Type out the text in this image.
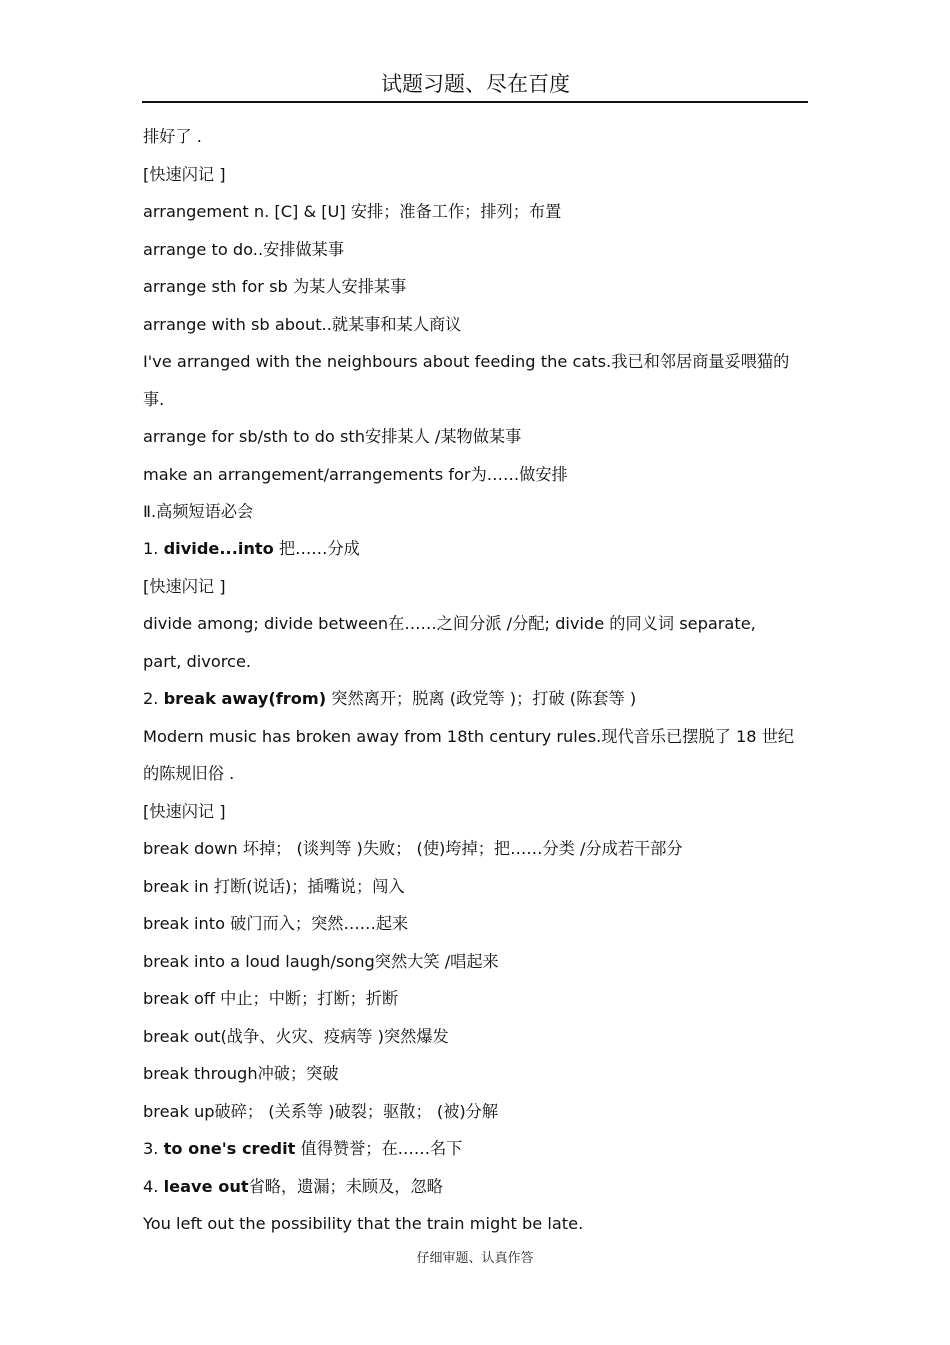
试题习题、尽在百度
排好了 .
[快速闪记 ]
arrangement n. [C] & [U] 安排；准备工作；排列；布置
arrange to do..安排做某事
arrange sth for sb 为某人安排某事
arrange with sb about..就某事和某人商议
I've arranged with the neighbours about feeding the cats.我已和邻居商量妥喂猫的
事.
arrange for sb/sth to do sth安排某人 /某物做某事
make an arrangement/arrangements for为……做安排
Ⅱ.高频短语必会
1. divide...into 把……分成
[快速闪记 ]
divide among; divide between在……之间分派 /分配; divide 的同义词 separate,
part, divorce.
2. break away(from) 突然离开；脱离 (政党等 )；打破 (陈套等 )
Modern music has broken away from 18th century rules.现代音乐已摆脱了 18 世纪
的陈规旧俗 .
[快速闪记 ]
break down 坏掉； (谈判等 )失败； (使)垮掉；把……分类 /分成若干部分
break in 打断(说话)；插嘴说；闯入
break into 破门而入；突然……起来
break into a loud laugh/song突然大笑 /唱起来
break off 中止；中断；打断；折断
break out(战争、火灾、疫病等 )突然爆发
break through冲破；突破
break up破碎； (关系等 )破裂；驱散； (被)分解
3. to one's credit 值得赞誉；在……名下
4. leave out省略，遗漏；未顾及，忽略
You left out the possibility that the train might be late.
仔细审题、认真作答
